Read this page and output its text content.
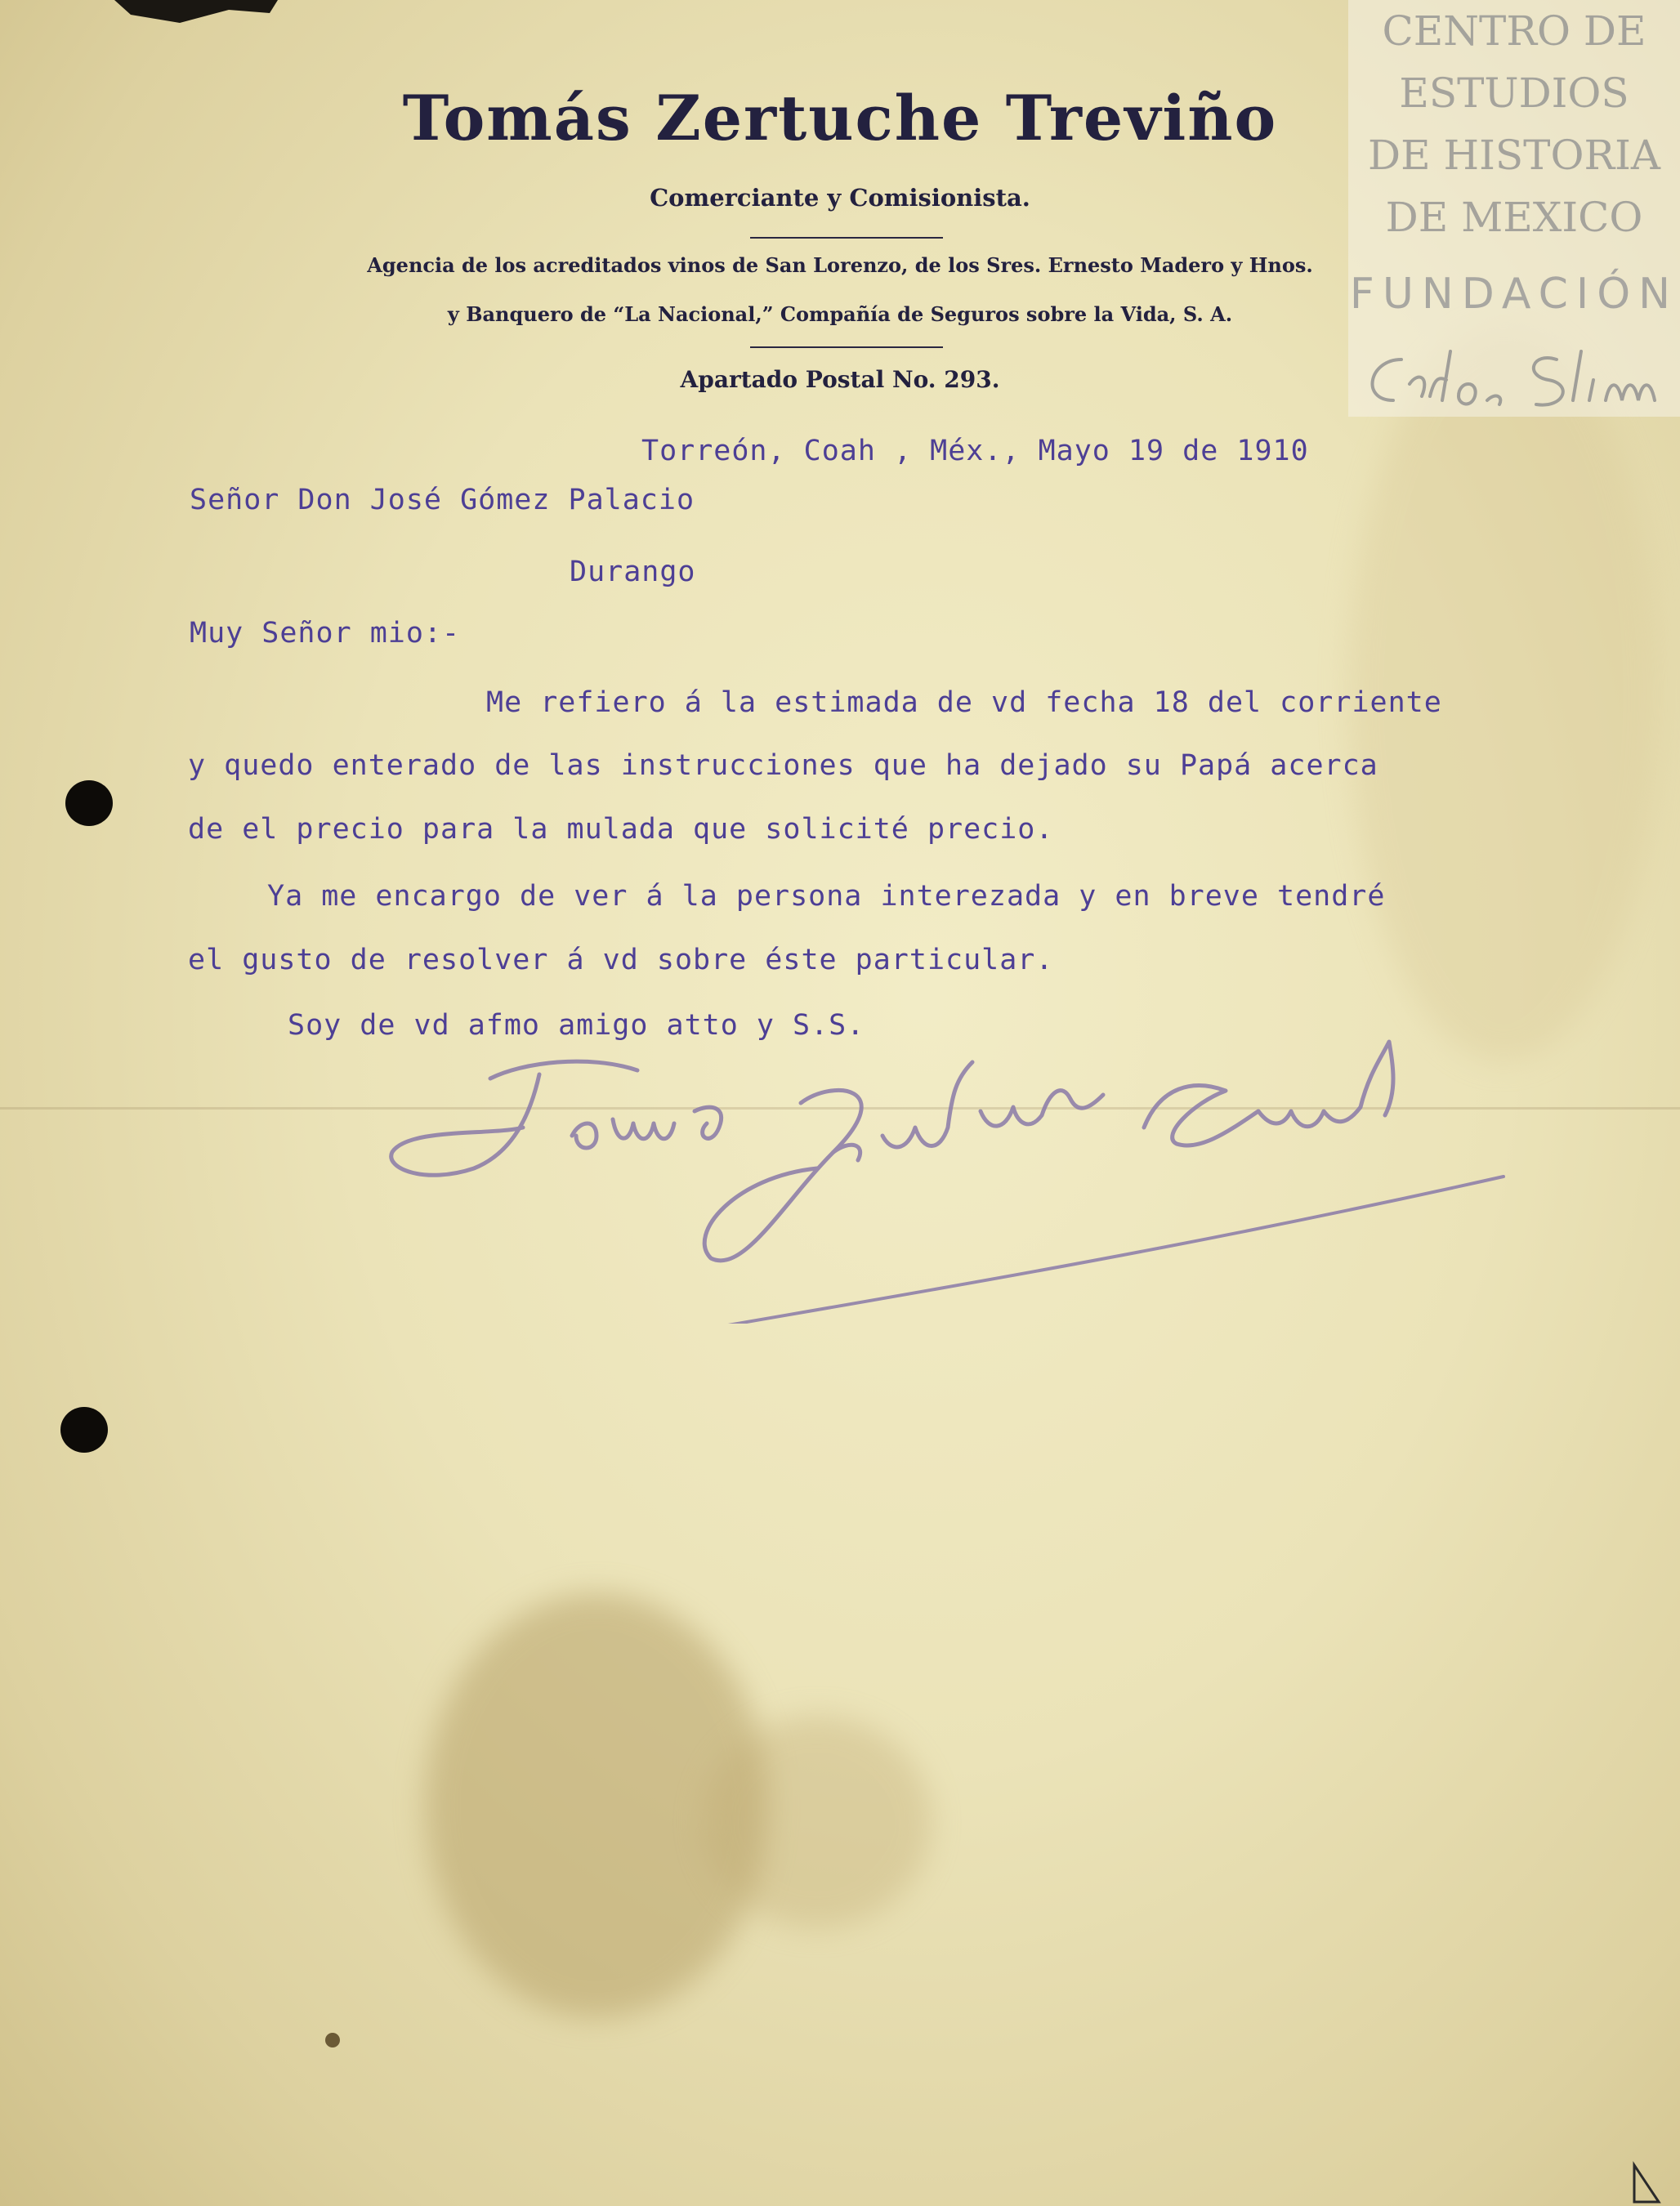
Tomás Zertuche Treviño
Comerciante y Comisionista.
Agencia de los acreditados vinos de San Lorenzo, de los Sres. Ernesto Madero y Hnos.
y Banquero de “La Nacional,” Compañía de Seguros sobre la Vida, S. A.
Apartado Postal No. 293.
Torreón, Coah , Méx., Mayo 19 de 1910
Señor Don José Gómez Palacio
Durango
Muy Señor mio:-
Me refiero á la estimada de vd fecha 18 del corriente
y quedo enterado de las instrucciones que ha dejado su Papá acerca
de el precio para la mulada que solicité precio.
Ya me encargo de ver á la persona interezada y en breve tendré
el gusto de resolver á vd sobre éste particular.
Soy de vd afmo amigo atto y S.S.
CENTRO DE
ESTUDIOS
DE HISTORIA
DE MEXICO
FUNDACIÓN
